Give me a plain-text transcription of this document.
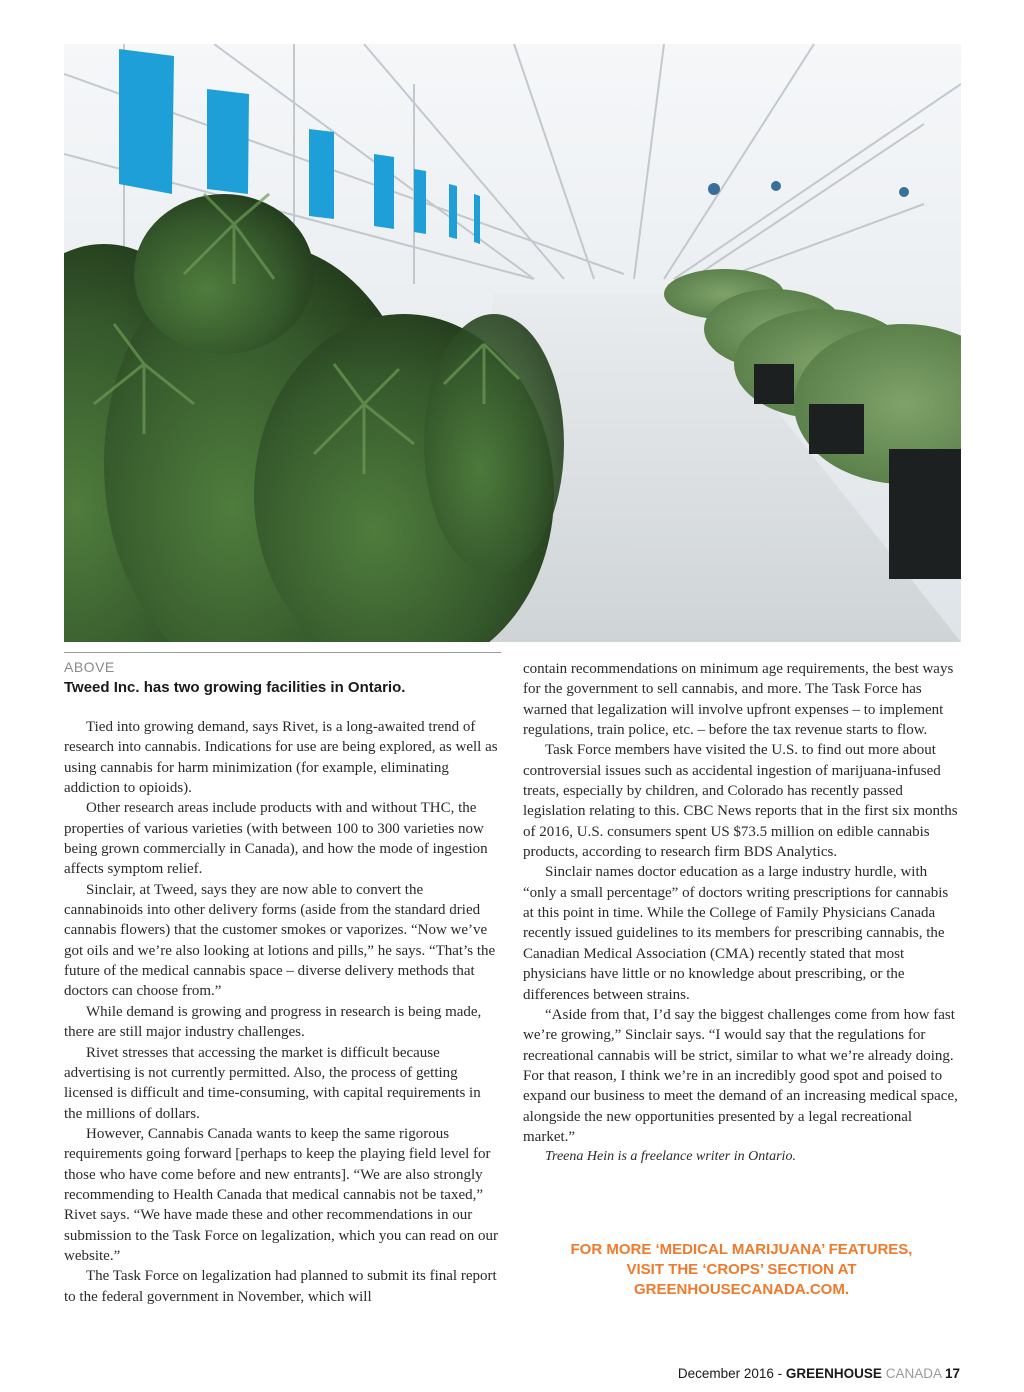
ABOVE
Tweed Inc. has two growing facilities in Ontario.

Tied into growing demand, says Rivet, is a long-awaited trend of research into cannabis. Indications for use are being explored, as well as using cannabis for harm minimization (for example, eliminating addiction to opioids).

Other research areas include products with and without THC, the properties of various varieties (with between 100 to 300 varieties now being grown commercially in Canada), and how the mode of ingestion affects symptom relief.

Sinclair, at Tweed, says they are now able to convert the cannabinoids into other delivery forms (aside from the standard dried cannabis flowers) that the customer smokes or vaporizes. “Now we’ve got oils and we’re also looking at lotions and pills,” he says. “That’s the future of the medical cannabis space – diverse delivery methods that doctors can choose from.”

While demand is growing and progress in research is being made, there are still major industry challenges.

Rivet stresses that accessing the market is difficult because advertising is not currently permitted. Also, the process of getting licensed is difficult and time-consuming, with capital requirements in the millions of dollars.

However, Cannabis Canada wants to keep the same rigorous requirements going forward [perhaps to keep the playing field level for those who have come before and new entrants]. “We are also strongly recommending to Health Canada that medical cannabis not be taxed,” Rivet says. “We have made these and other recommendations in our submission to the Task Force on legalization, which you can read on our website.”

The Task Force on legalization had planned to submit its final report to the federal government in November, which will

contain recommendations on minimum age requirements, the best ways for the government to sell cannabis, and more. The Task Force has warned that legalization will involve upfront expenses – to implement regulations, train police, etc. – before the tax revenue starts to flow.

Task Force members have visited the U.S. to find out more about controversial issues such as accidental ingestion of marijuana-infused treats, especially by children, and Colorado has recently passed legislation relating to this. CBC News reports that in the first six months of 2016, U.S. consumers spent US $73.5 million on edible cannabis products, according to research firm BDS Analytics.

Sinclair names doctor education as a large industry hurdle, with “only a small percentage” of doctors writing prescriptions for cannabis at this point in time. While the College of Family Physicians Canada recently issued guidelines to its members for prescribing cannabis, the Canadian Medical Association (CMA) recently stated that most physicians have little or no knowledge about prescribing, or the differences between strains.

“Aside from that, I’d say the biggest challenges come from how fast we’re growing,” Sinclair says. “I would say that the regulations for recreational cannabis will be strict, similar to what we’re already doing. For that reason, I think we’re in an incredibly good spot and poised to expand our business to meet the demand of an increasing medical space, alongside the new opportunities presented by a legal recreational market.”

Treena Hein is a freelance writer in Ontario.

FOR MORE ‘MEDICAL MARIJUANA’ FEATURES,
VISIT THE ‘CROPS’ SECTION AT
GREENHOUSECANADA.COM.
December 2016 - GREENHOUSE CANADA 17
